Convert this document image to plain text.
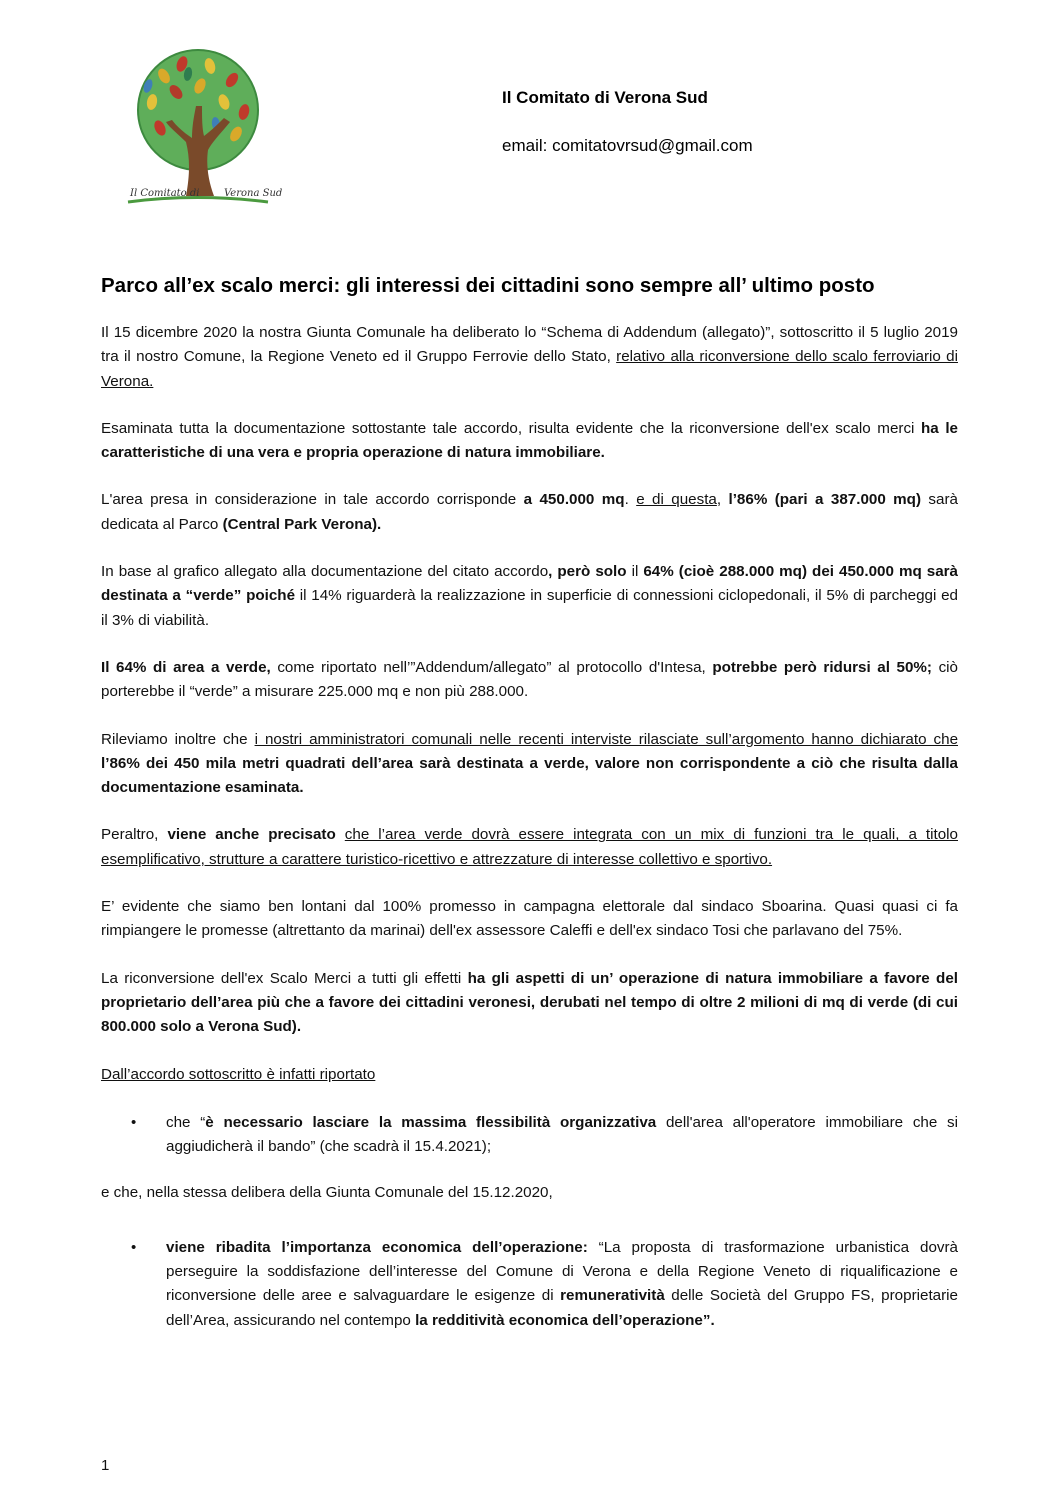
Il Comitato di Verona Sud
Il Comitato di Verona Sud
email: comitatovrsud@gmail.com
Parco all’ex scalo merci: gli interessi dei cittadini sono sempre all’ ultimo posto

Il 15 dicembre 2020 la nostra Giunta Comunale ha deliberato lo “Schema di Addendum (allegato)”, sottoscritto il 5 luglio 2019 tra il nostro Comune, la Regione Veneto ed il Gruppo Ferrovie dello Stato, relativo alla riconversione dello scalo ferroviario di Verona.

Esaminata tutta la documentazione sottostante tale accordo, risulta evidente che la riconversione dell'ex scalo merci ha le caratteristiche di una vera e propria operazione di natura immobiliare.

L'area presa in considerazione in tale accordo corrisponde a 450.000 mq. e di questa, l’86% (pari a 387.000 mq) sarà dedicata al Parco (Central Park Verona).

In base al grafico allegato alla documentazione del citato accordo, però solo il 64% (cioè 288.000 mq) dei 450.000 mq sarà destinata a “verde” poiché il 14% riguarderà la realizzazione in superficie di connessioni ciclopedonali, il 5% di parcheggi ed il 3% di viabilità.

Il 64% di area a verde, come riportato nell’”Addendum/allegato” al protocollo d'Intesa, potrebbe però ridursi al 50%; ciò porterebbe il “verde” a misurare 225.000 mq e non più 288.000.

Rileviamo inoltre che i nostri amministratori comunali nelle recenti interviste rilasciate sull’argomento hanno dichiarato che l’86% dei 450 mila metri quadrati dell’area sarà destinata a verde, valore non corrispondente a ciò che risulta dalla documentazione esaminata.

Peraltro, viene anche precisato che l’area verde dovrà essere integrata con un mix di funzioni tra le quali, a titolo esemplificativo, strutture a carattere turistico-ricettivo e attrezzature di interesse collettivo e sportivo.

E’ evidente che siamo ben lontani dal 100% promesso in campagna elettorale dal sindaco Sboarina. Quasi quasi ci fa rimpiangere le promesse (altrettanto da marinai) dell'ex assessore Caleffi e dell'ex sindaco Tosi che parlavano del 75%.

La riconversione dell'ex Scalo Merci a tutti gli effetti ha gli aspetti di un’ operazione di natura immobiliare a favore del proprietario dell’area più che a favore dei cittadini veronesi, derubati nel tempo di oltre 2 milioni di mq di verde (di cui 800.000 solo a Verona Sud).

Dall’accordo sottoscritto è infatti riportato

• che “è necessario lasciare la massima flessibilità organizzativa dell'area all'operatore immobiliare che si aggiudicherà il bando” (che scadrà il 15.4.2021);

e che, nella stessa delibera della Giunta Comunale del 15.12.2020,

• viene ribadita l’importanza economica dell’operazione: “La proposta di trasformazione urbanistica dovrà perseguire la soddisfazione dell’interesse del Comune di Verona e della Regione Veneto di riqualificazione e riconversione delle aree e salvaguardare le esigenze di remuneratività delle Società del Gruppo FS, proprietarie dell’Area, assicurando nel contempo la redditività economica dell’operazione”.
1
